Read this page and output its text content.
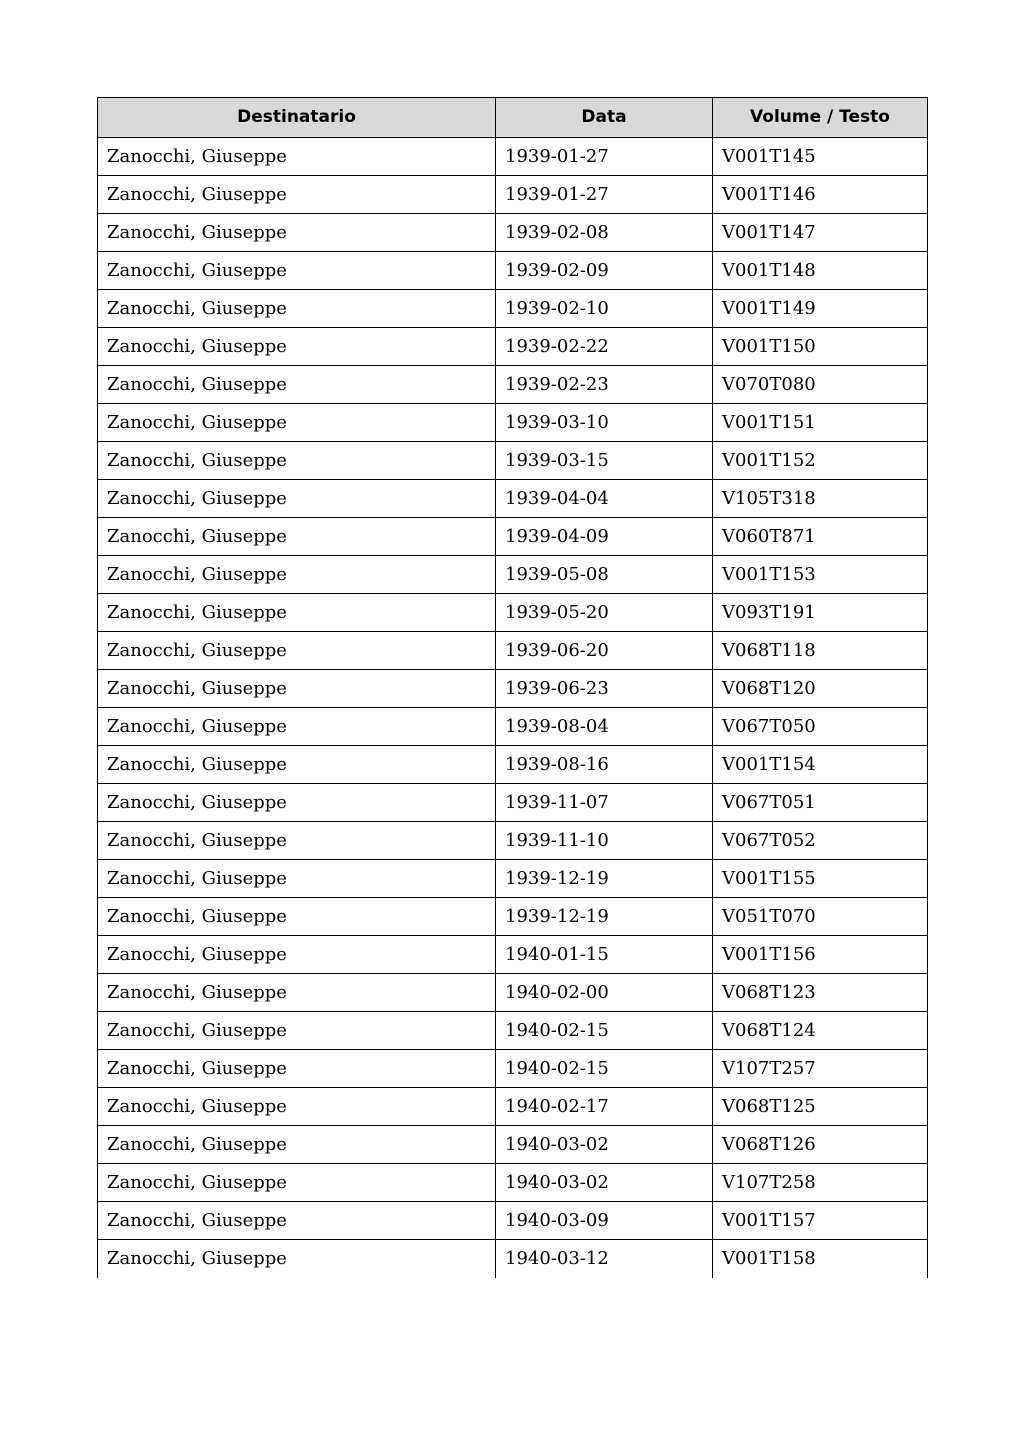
Destinatario	Data	Volume / Testo
Zanocchi, Giuseppe	1939-01-27	V001T145
Zanocchi, Giuseppe	1939-01-27	V001T146
Zanocchi, Giuseppe	1939-02-08	V001T147
Zanocchi, Giuseppe	1939-02-09	V001T148
Zanocchi, Giuseppe	1939-02-10	V001T149
Zanocchi, Giuseppe	1939-02-22	V001T150
Zanocchi, Giuseppe	1939-02-23	V070T080
Zanocchi, Giuseppe	1939-03-10	V001T151
Zanocchi, Giuseppe	1939-03-15	V001T152
Zanocchi, Giuseppe	1939-04-04	V105T318
Zanocchi, Giuseppe	1939-04-09	V060T871
Zanocchi, Giuseppe	1939-05-08	V001T153
Zanocchi, Giuseppe	1939-05-20	V093T191
Zanocchi, Giuseppe	1939-06-20	V068T118
Zanocchi, Giuseppe	1939-06-23	V068T120
Zanocchi, Giuseppe	1939-08-04	V067T050
Zanocchi, Giuseppe	1939-08-16	V001T154
Zanocchi, Giuseppe	1939-11-07	V067T051
Zanocchi, Giuseppe	1939-11-10	V067T052
Zanocchi, Giuseppe	1939-12-19	V001T155
Zanocchi, Giuseppe	1939-12-19	V051T070
Zanocchi, Giuseppe	1940-01-15	V001T156
Zanocchi, Giuseppe	1940-02-00	V068T123
Zanocchi, Giuseppe	1940-02-15	V068T124
Zanocchi, Giuseppe	1940-02-15	V107T257
Zanocchi, Giuseppe	1940-02-17	V068T125
Zanocchi, Giuseppe	1940-03-02	V068T126
Zanocchi, Giuseppe	1940-03-02	V107T258
Zanocchi, Giuseppe	1940-03-09	V001T157
Zanocchi, Giuseppe	1940-03-12	V001T158
